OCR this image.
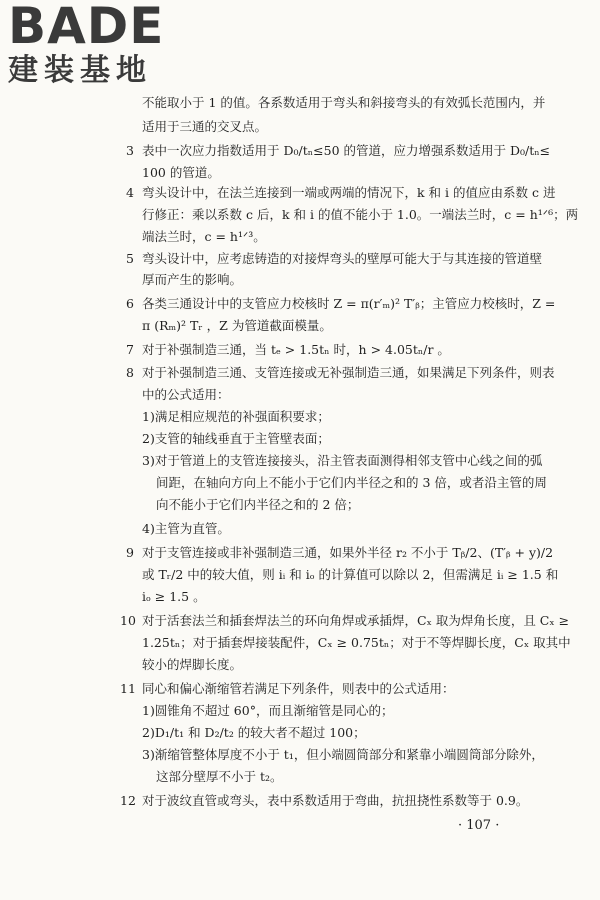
BADE
建装基地
不能取小于 1 的值。各系数适用于弯头和斜接弯头的有效弧长范围内，并
适用于三通的交叉点。
3 表中一次应力指数适用于 D₀/tₙ≤50 的管道，应力增强系数适用于 D₀/tₙ≤
100 的管道。
4 弯头设计中，在法兰连接到一端或两端的情况下，k 和 i 的值应由系数 c 进
行修正：乘以系数 c 后，k 和 i 的值不能小于 1.0。一端法兰时，c = h¹ᐟ⁶；两
端法兰时，c = h¹ᐟ³。
5 弯头设计中，应考虑铸造的对接焊弯头的壁厚可能大于与其连接的管道壁
厚而产生的影响。
6 各类三通设计中的支管应力校核时 Z = π(r′ₘ)² T′ᵦ；主管应力校核时，Z =
π (Rₘ)² Tᵣ ，Z 为管道截面模量。
7 对于补强制造三通，当 tₑ > 1.5tₙ 时，h > 4.05tₙ/r 。
8 对于补强制造三通、支管连接或无补强制造三通，如果满足下列条件，则表
中的公式适用：
1)满足相应规范的补强面积要求；
2)支管的轴线垂直于主管壁表面；
3)对于管道上的支管连接接头，沿主管表面测得相邻支管中心线之间的弧
间距，在轴向方向上不能小于它们内半径之和的 3 倍，或者沿主管的周
向不能小于它们内半径之和的 2 倍；
4)主管为直管。
9 对于支管连接或非补强制造三通，如果外半径 r₂ 不小于 Tᵦ/2、(T′ᵦ + y)/2
或 Tᵣ/2 中的较大值，则 iᵢ 和 iₒ 的计算值可以除以 2，但需满足 iᵢ ≥ 1.5 和
iₒ ≥ 1.5 。
10 对于活套法兰和插套焊法兰的环向角焊或承插焊，Cₓ 取为焊角长度，且 Cₓ ≥
1.25tₙ；对于插套焊接装配件，Cₓ ≥ 0.75tₙ；对于不等焊脚长度，Cₓ 取其中
较小的焊脚长度。
11 同心和偏心渐缩管若满足下列条件，则表中的公式适用：
1)圆锥角不超过 60°，而且渐缩管是同心的；
2)D₁/t₁ 和 D₂/t₂ 的较大者不超过 100；
3)渐缩管整体厚度不小于 t₁，但小端圆筒部分和紧靠小端圆筒部分除外，
这部分壁厚不小于 t₂。
12 对于波纹直管或弯头，表中系数适用于弯曲，抗扭挠性系数等于 0.9。
· 107 ·
